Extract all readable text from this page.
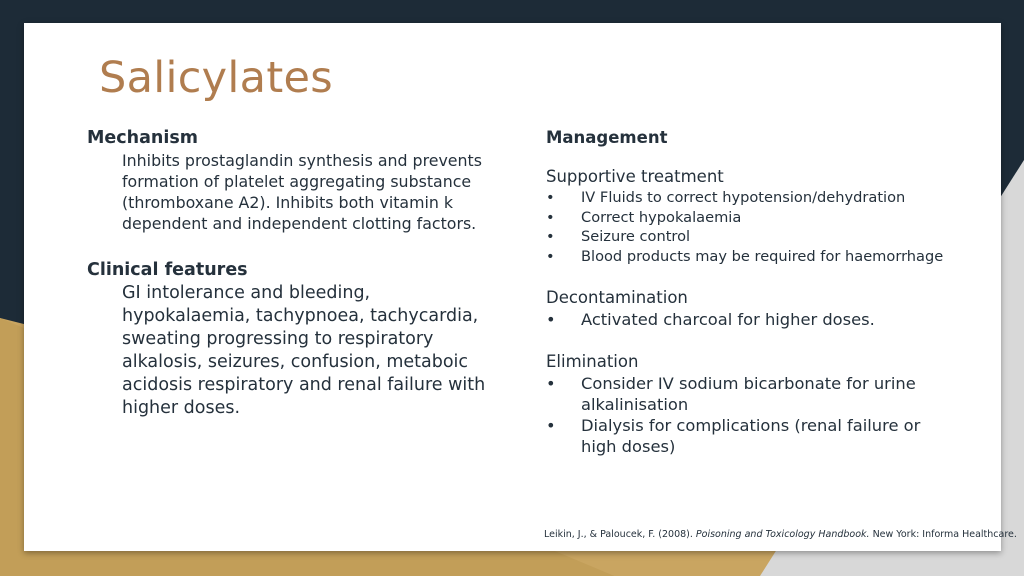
Salicylates
Mechanism
Inhibits prostaglandin synthesis and prevents formation of platelet aggregating substance (thromboxane A2). Inhibits both vitamin k dependent and independent clotting factors.
Clinical features
GI intolerance and bleeding, hypokalaemia, tachypnoea, tachycardia, sweating progressing to respiratory alkalosis, seizures, confusion, metaboic acidosis respiratory and renal failure with higher doses.
Management
Supportive treatment
• IV Fluids to correct hypotension/dehydration
• Correct hypokalaemia
• Seizure control
• Blood products may be required for haemorrhage
Decontamination
• Activated charcoal for higher doses.
Elimination
• Consider IV sodium bicarbonate for urine alkalinisation
• Dialysis for complications (renal failure or high doses)
Leikin, J., & Paloucek, F. (2008). Poisoning and Toxicology Handbook. New York: Informa Healthcare.
